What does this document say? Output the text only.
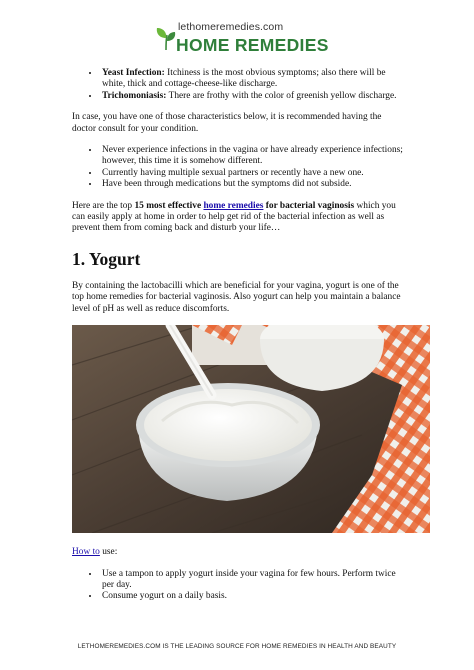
lethomeremedies.com
HOME REMEDIES
• Yeast Infection: Itchiness is the most obvious symptoms; also there will be white, thick and cottage-cheese-like discharge.
• Trichomoniasis: There are frothy with the color of greenish yellow discharge.

In case, you have one of those characteristics below, it is recommended having the doctor consult for your condition.

• Never experience infections in the vagina or have already experience infections; however, this time it is somehow different.
• Currently having multiple sexual partners or recently have a new one.
• Have been through medications but the symptoms did not subside.

Here are the top 15 most effective home remedies for bacterial vaginosis which you can easily apply at home in order to help get rid of the bacterial infection as well as prevent them from coming back and disturb your life…

1. Yogurt

By containing the lactobacilli which are beneficial for your vagina, yogurt is one of the top home remedies for bacterial vaginosis. Also yogurt can help you maintain a balance level of pH as well as reduce discomforts.

How to use:

• Use a tampon to apply yogurt inside your vagina for few hours. Perform twice per day.
• Consume yogurt on a daily basis.
LETHOMEREMEDIES.COM IS THE LEADING SOURCE FOR HOME REMEDIES IN HEALTH AND BEAUTY
